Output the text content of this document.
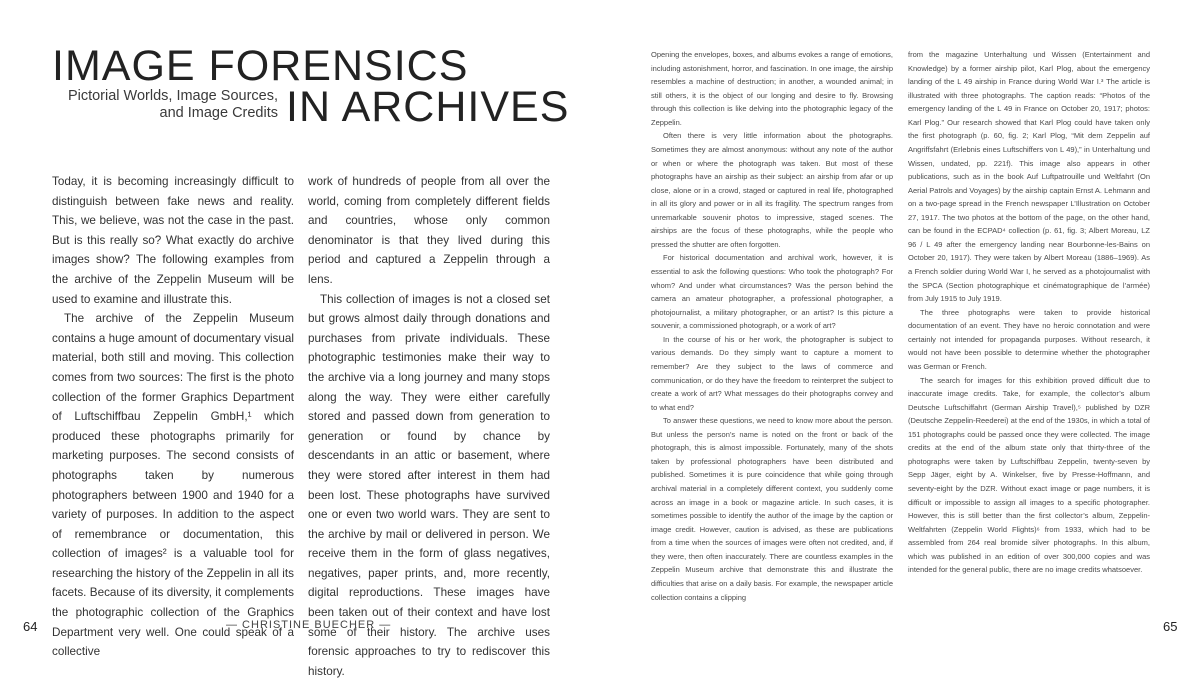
IMAGE FORENSICS
Pictorial Worlds, Image Sources,
and Image Credits IN ARCHIVES

Today, it is becoming increasingly difficult to distinguish between fake news and reality. This, we believe, was not the case in the past. But is this really so? What exactly do archive images show? The following examples from the archive of the Zeppelin Museum will be used to examine and illustrate this.

The archive of the Zeppelin Museum contains a huge amount of documentary visual material, both still and moving. This collection comes from two sources: The first is the photo collection of the former Graphics Department of Luftschiffbau Zeppelin GmbH,¹ which produced these photographs primarily for marketing purposes. The second consists of photographs taken by numerous photographers between 1900 and 1940 for a variety of purposes. In addition to the aspect of remembrance or documentation, this collection of images² is a valuable tool for researching the history of the Zeppelin in all its facets. Because of its diversity, it complements the photographic collection of the Graphics Department very well. One could speak of a collective

work of hundreds of people from all over the world, coming from completely different fields and countries, whose only common denominator is that they lived during this period and captured a Zeppelin through a lens.

This collection of images is not a closed set but grows almost daily through donations and purchases from private individuals. These photographic testimonies make their way to the archive via a long journey and many stops along the way. They were either carefully stored and passed down from generation to generation or found by chance by descendants in an attic or basement, where they were stored after interest in them had been lost. These photographs have survived one or even two world wars. They are sent to the archive by mail or delivered in person. We receive them in the form of glass negatives, negatives, paper prints, and, more recently, digital reproductions. These images have been taken out of their context and have lost some of their history. The archive uses forensic approaches to try to rediscover this history.

Opening the envelopes, boxes, and albums evokes a range of emotions, including astonishment, horror, and fascination. In one image, the airship resembles a machine of destruction; in another, a wounded animal; in still others, it is the object of our longing and desire to fly. Browsing through this collection is like delving into the photographic legacy of the Zeppelin.

Often there is very little information about the photographs. Sometimes they are almost anonymous: without any note of the author or when or where the photograph was taken. But most of these photographs have an airship as their subject: an airship from afar or up close, alone or in a crowd, staged or captured in real life, photographed in all its glory and power or in all its fragility. The spectrum ranges from unremarkable souvenir photos to impressive, staged scenes. The airships are the focus of these photographs, while the people who pressed the shutter are often forgotten.

For historical documentation and archival work, however, it is essential to ask the following questions: Who took the photograph? For whom? And under what circumstances? Was the person behind the camera an amateur photographer, a professional photographer, a photojournalist, a military photographer, or an artist? Is this picture a souvenir, a commissioned photograph, or a work of art?

In the course of his or her work, the photographer is subject to various demands. Do they simply want to capture a moment to remember? Are they subject to the laws of commerce and communication, or do they have the freedom to reinterpret the subject to create a work of art? What messages do their photographs convey and to what end?

To answer these questions, we need to know more about the person. But unless the person’s name is noted on the front or back of the photograph, this is almost impossible. Fortunately, many of the shots taken by professional photographers have been distributed and published. Sometimes it is pure coincidence that while going through archival material in a completely different context, you suddenly come across an image in a book or magazine article. In such cases, it is sometimes possible to identify the author of the image by the caption or image credit. However, caution is advised, as these are publications from a time when the sources of images were often not credited, and, if they were, then often inaccurately. There are countless examples in the Zeppelin Museum archive that demonstrate this and illustrate the difficulties that arise on a daily basis. For example, the newspaper article collection contains a clipping

from the magazine Unterhaltung und Wissen (Entertainment and Knowledge) by a former airship pilot, Karl Plog, about the emergency landing of the L 49 airship in France during World War I.³ The article is illustrated with three photographs. The caption reads: “Photos of the emergency landing of the L 49 in France on October 20, 1917; photos: Karl Plog.” Our research showed that Karl Plog could have taken only the first photograph (p. 60, fig. 2; Karl Plog, “Mit dem Zeppelin auf Angriffsfahrt (Erlebnis eines Luftschiffers von L 49),” in Unterhaltung und Wissen, undated, pp. 221f). This image also appears in other publications, such as in the book Auf Luftpatrouille und Weltfahrt (On Aerial Patrols and Voyages) by the airship captain Ernst A. Lehmann and on a two-page spread in the French newspaper L’Illustration on October 27, 1917. The two photos at the bottom of the page, on the other hand, can be found in the ECPAD⁴ collection (p. 61, fig. 3; Albert Moreau, LZ 96 / L 49 after the emergency landing near Bourbonne-les-Bains on October 20, 1917). They were taken by Albert Moreau (1886–1969). As a French soldier during World War I, he served as a photojournalist with the SPCA (Section photographique et cinématographique de l’armée) from July 1915 to July 1919.

The three photographs were taken to provide historical documentation of an event. They have no heroic connotation and were certainly not intended for propaganda purposes. Without research, it would not have been possible to determine whether the photographer was German or French.

The search for images for this exhibition proved difficult due to inaccurate image credits. Take, for example, the collector’s album Deutsche Luftschiffahrt (German Airship Travel),⁵ published by DZR (Deutsche Zeppelin-Reederei) at the end of the 1930s, in which a total of 151 photographs could be passed once they were collected. The image credits at the end of the album state only that thirty-three of the photographs were taken by Luftschiffbau Zeppelin, twenty-seven by Sepp Jäger, eight by A. Winkelser, five by Presse-Hoffmann, and seventy-eight by the DZR. Without exact image or page numbers, it is difficult or impossible to assign all images to a specific photographer. However, this is still better than the first collector’s album, Zeppelin-Weltfahrten (Zeppelin World Flights)⁶ from 1933, which had to be assembled from 264 real bromide silver photographs. In this album, which was published in an edition of over 300,000 copies and was intended for the general public, there are no image credits whatsoever.

64	— CHRISTINE BUECHER —	65
